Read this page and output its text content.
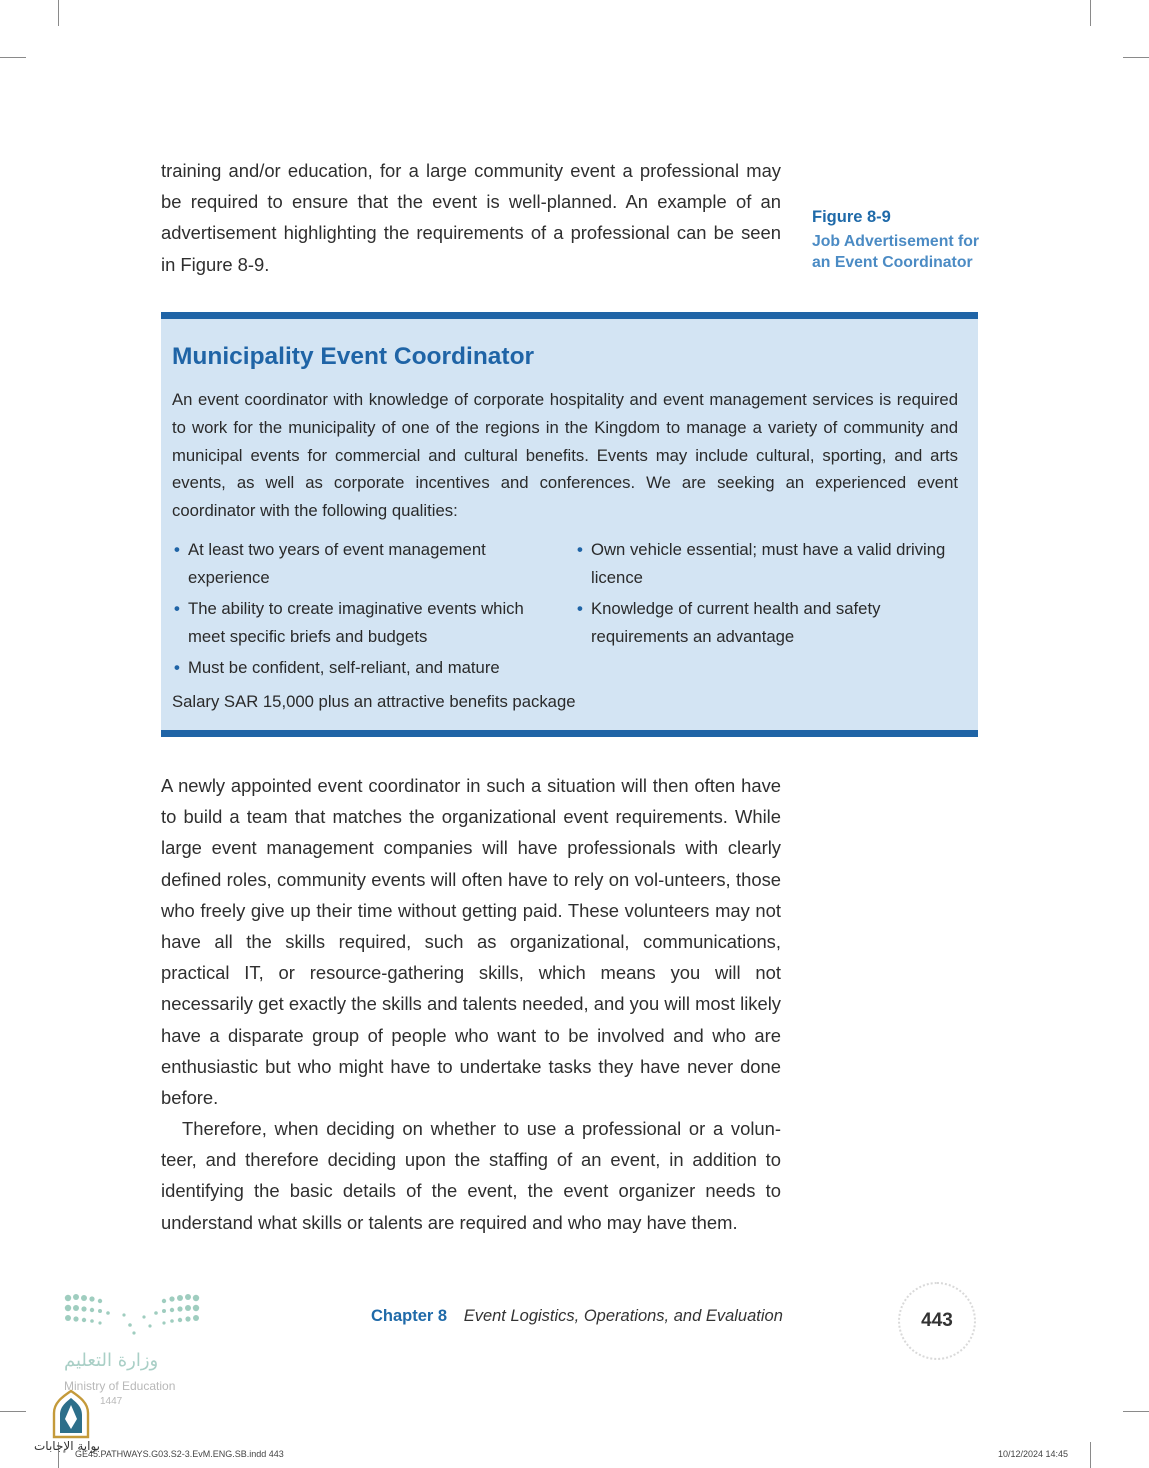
training and/or education, for a large community event a professional may be required to ensure that the event is well-planned. An example of an advertisement highlighting the requirements of a professional can be seen in Figure 8-9.

Figure 8-9
Job Advertisement for an Event Coordinator
Municipality Event Coordinator

An event coordinator with knowledge of corporate hospitality and event management services is required to work for the municipality of one of the regions in the Kingdom to manage a variety of community and municipal events for commercial and cultural benefits. Events may include cultural, sporting, and arts events, as well as corporate incentives and conferences. We are seeking an experienced event coordinator with the following qualities:

• At least two years of event management experience
• The ability to create imaginative events which meet specific briefs and budgets
• Must be confident, self-reliant, and mature
• Own vehicle essential; must have a valid driving licence
• Knowledge of current health and safety requirements an advantage
Salary SAR 15,000 plus an attractive benefits package

A newly appointed event coordinator in such a situation will then often have to build a team that matches the organizational event requirements. While large event management companies will have professionals with clearly defined roles, community events will often have to rely on vol-unteers, those who freely give up their time without getting paid. These volunteers may not have all the skills required, such as organizational, communications, practical IT, or resource-gathering skills, which means you will not necessarily get exactly the skills and talents needed, and you will most likely have a disparate group of people who want to be involved and who are enthusiastic but who might have to undertake tasks they have never done before.

Therefore, when deciding on whether to use a professional or a volun-teer, and therefore deciding upon the staffing of an event, in addition to identifying the basic details of the event, the event organizer needs to understand what skills or talents are required and who may have them.

وزارة التعليم
Ministry of Education
1447
بوابة الإجابات
Chapter 8 Event Logistics, Operations, and Evaluation	443
GE45.PATHWAYS.G03.S2-3.EvM.ENG.SB.indd 443	10/12/2024 14:45
